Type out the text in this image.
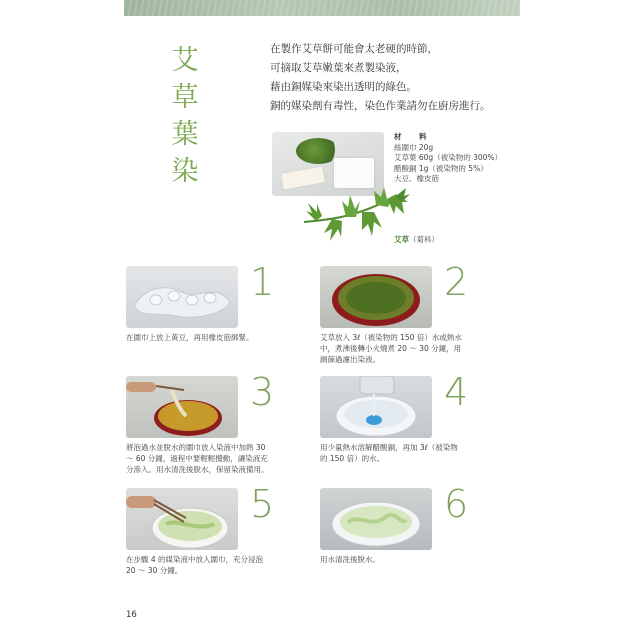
艾草葉染

在製作艾草餅可能會太老硬的時節，

可摘取艾草嫩葉來煮製染液，

藉由銅媒染來染出透明的綠色。

銅的媒染劑有毒性，染色作業請勿在廚房進行。

材　料
絲圍巾 20g
艾草葉 60g（被染物的 300%）
醋酸銅 1g（被染物的 5%）
大豆、橡皮筋
艾草（菊科）
1
在圍巾上放上黃豆，再用橡皮筋綁緊。
2
艾草放入 3ℓ（被染物的 150 倍）水或熱水
中，煮沸後轉小火燒煮 20 ～ 30 分鐘，用
網篩過濾出染液。
3
將泡過水並脫水的圍巾放入染液中加熱 30
～ 60 分鐘，過程中要輕輕攪動，讓染液充
分滲入。用水清洗後脫水，保留染液備用。
4
用少量熱水溶解醋酸銅，再加 3ℓ（被染物
的 150 倍）的水。
5
在步驟 4 的媒染液中放入圍巾，充分浸泡
20 ～ 30 分鐘。
6
用水清洗後脫水。
16
